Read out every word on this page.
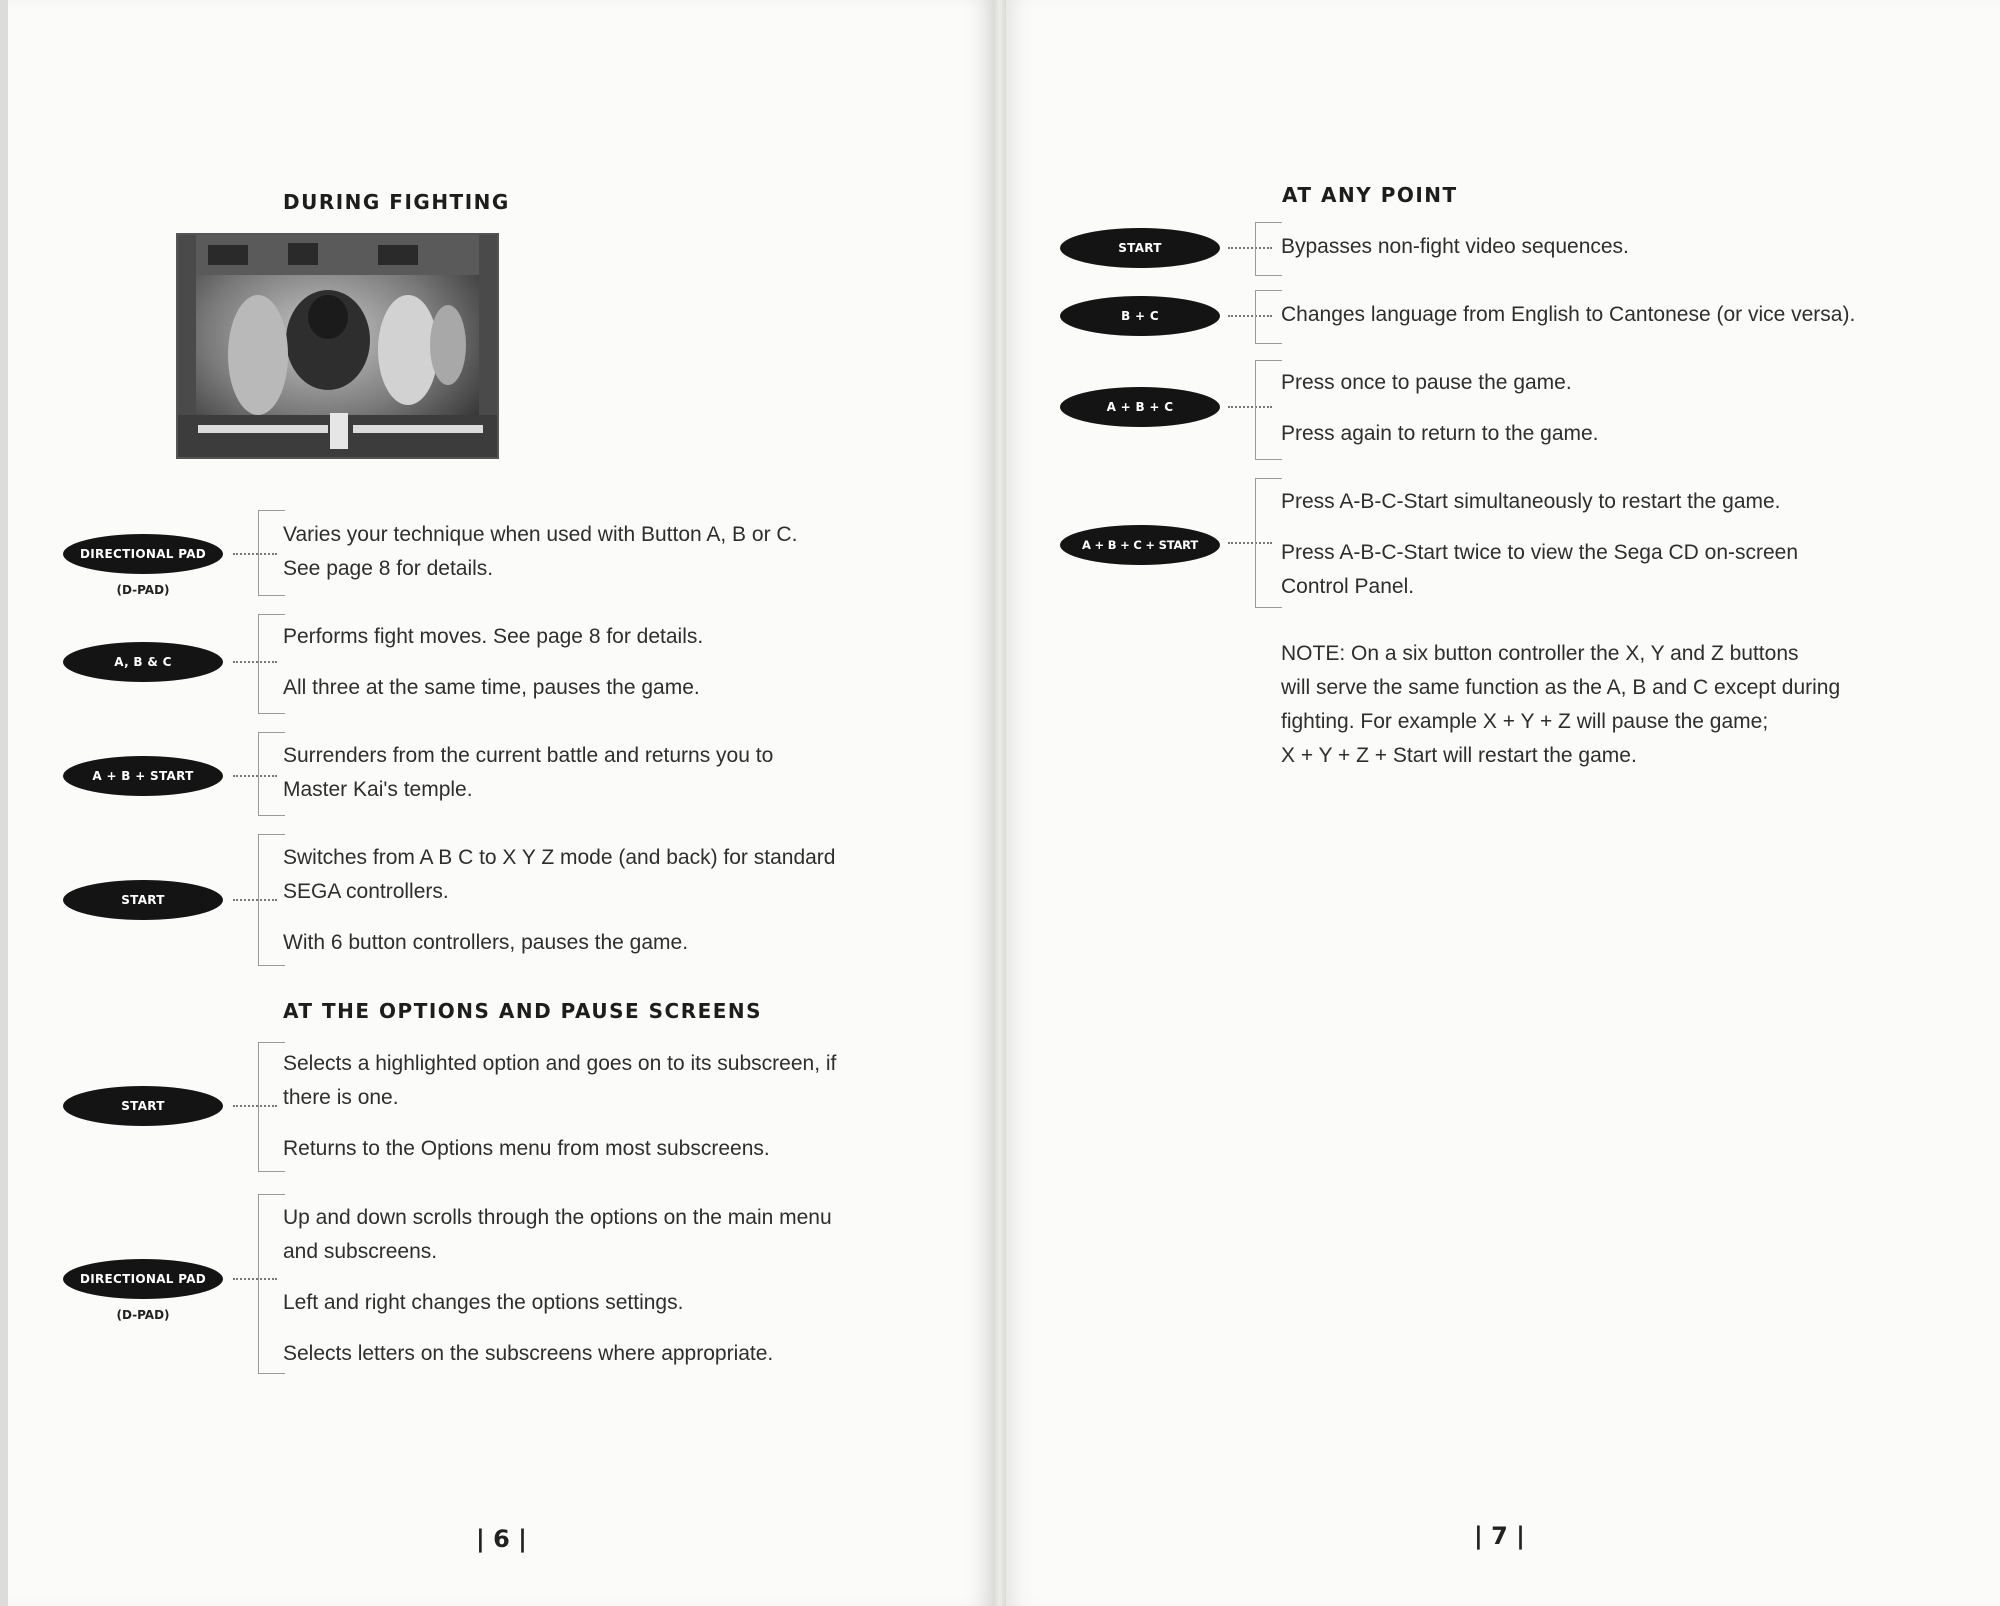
DURING FIGHTING
DIRECTIONAL PAD
(D-PAD)

Varies your technique when used with Button A, B or C.

See page 8 for details.

A, B & C

Performs fight moves. See page 8 for details.

All three at the same time, pauses the game.

A + B + START

Surrenders from the current battle and returns you to

Master Kai's temple.

START

Switches from A B C to X Y Z mode (and back) for standard

SEGA controllers.

With 6 button controllers, pauses the game.

AT THE OPTIONS AND PAUSE SCREENS
START

Selects a highlighted option and goes on to its subscreen, if

there is one.

Returns to the Options menu from most subscreens.

DIRECTIONAL PAD
(D-PAD)

Up and down scrolls through the options on the main menu

and subscreens.

Left and right changes the options settings.

Selects letters on the subscreens where appropriate.

| 6 |
AT ANY POINT
START	Bypasses non-fight video sequences.

B + C	Changes language from English to Cantonese (or vice versa).

A + B + C

Press once to pause the game.

Press again to return to the game.

A + B + C + START

Press A-B-C-Start simultaneously to restart the game.

Press A-B-C-Start twice to view the Sega CD on-screen

Control Panel.

NOTE: On a six button controller the X, Y and Z buttons
will serve the same function as the A, B and C except during
fighting. For example X + Y + Z will pause the game;
X + Y + Z + Start will restart the game.
| 7 |
